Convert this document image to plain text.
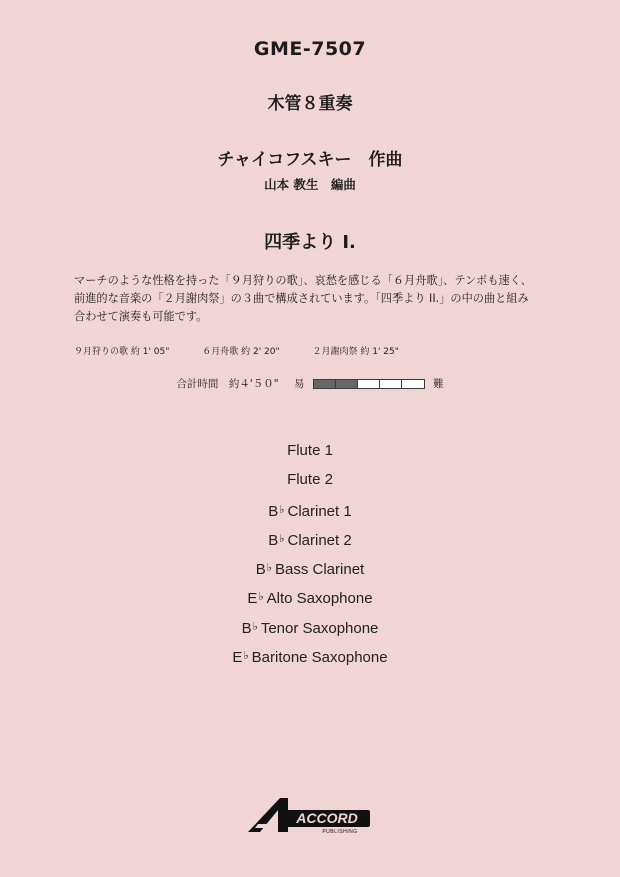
GME-7507
木管８重奏
チャイコフスキー　作曲
山本 教生　編曲
四季より I.

マーチのような性格を持った「９月狩りの歌」、哀愁を感じる「６月舟歌」、テンポも速く、

前進的な音楽の「２月謝肉祭」の３曲で構成されています。「四季より II.」の中の曲と組み

合わせて演奏も可能です。

９月狩りの歌 約 1' 05"	６月舟歌 約 2' 20"	２月謝肉祭 約 1' 25"
合計時間　約４'５０" 易	難
Flute 1
Flute 2
B♭ Clarinet 1
B♭ Clarinet 2
B♭ Bass Clarinet
E♭ Alto Saxophone
B♭ Tenor Saxophone
E♭ Baritone Saxophone
ACCORD
PUBLISHING
